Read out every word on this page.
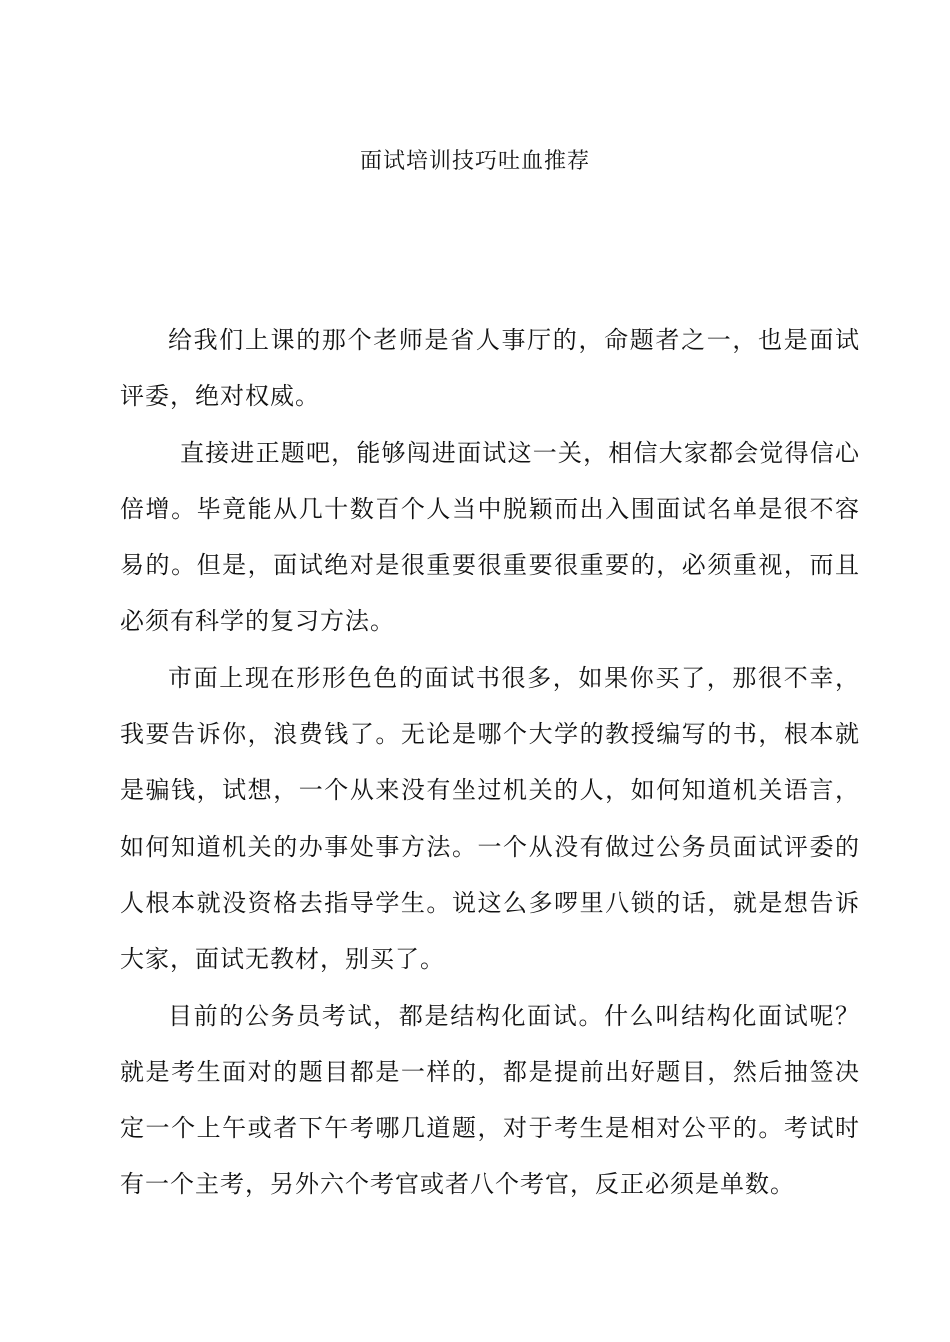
面试培训技巧吐血推荐

给我们上课的那个老师是省人事厅的，命题者之一，也是面试评委，绝对权威。

直接进正题吧，能够闯进面试这一关，相信大家都会觉得信心倍增。毕竟能从几十数百个人当中脱颖而出入围面试名单是很不容易的。但是，面试绝对是很重要很重要很重要的，必须重视，而且必须有科学的复习方法。

市面上现在形形色色的面试书很多，如果你买了，那很不幸，我要告诉你，浪费钱了。无论是哪个大学的教授编写的书，根本就是骗钱，试想，一个从来没有坐过机关的人，如何知道机关语言，如何知道机关的办事处事方法。一个从没有做过公务员面试评委的人根本就没资格去指导学生。说这么多啰里八锁的话，就是想告诉大家，面试无教材，别买了。

目前的公务员考试，都是结构化面试。什么叫结构化面试呢？就是考生面对的题目都是一样的，都是提前出好题目，然后抽签决定一个上午或者下午考哪几道题，对于考生是相对公平的。考试时有一个主考，另外六个考官或者八个考官，反正必须是单数。
